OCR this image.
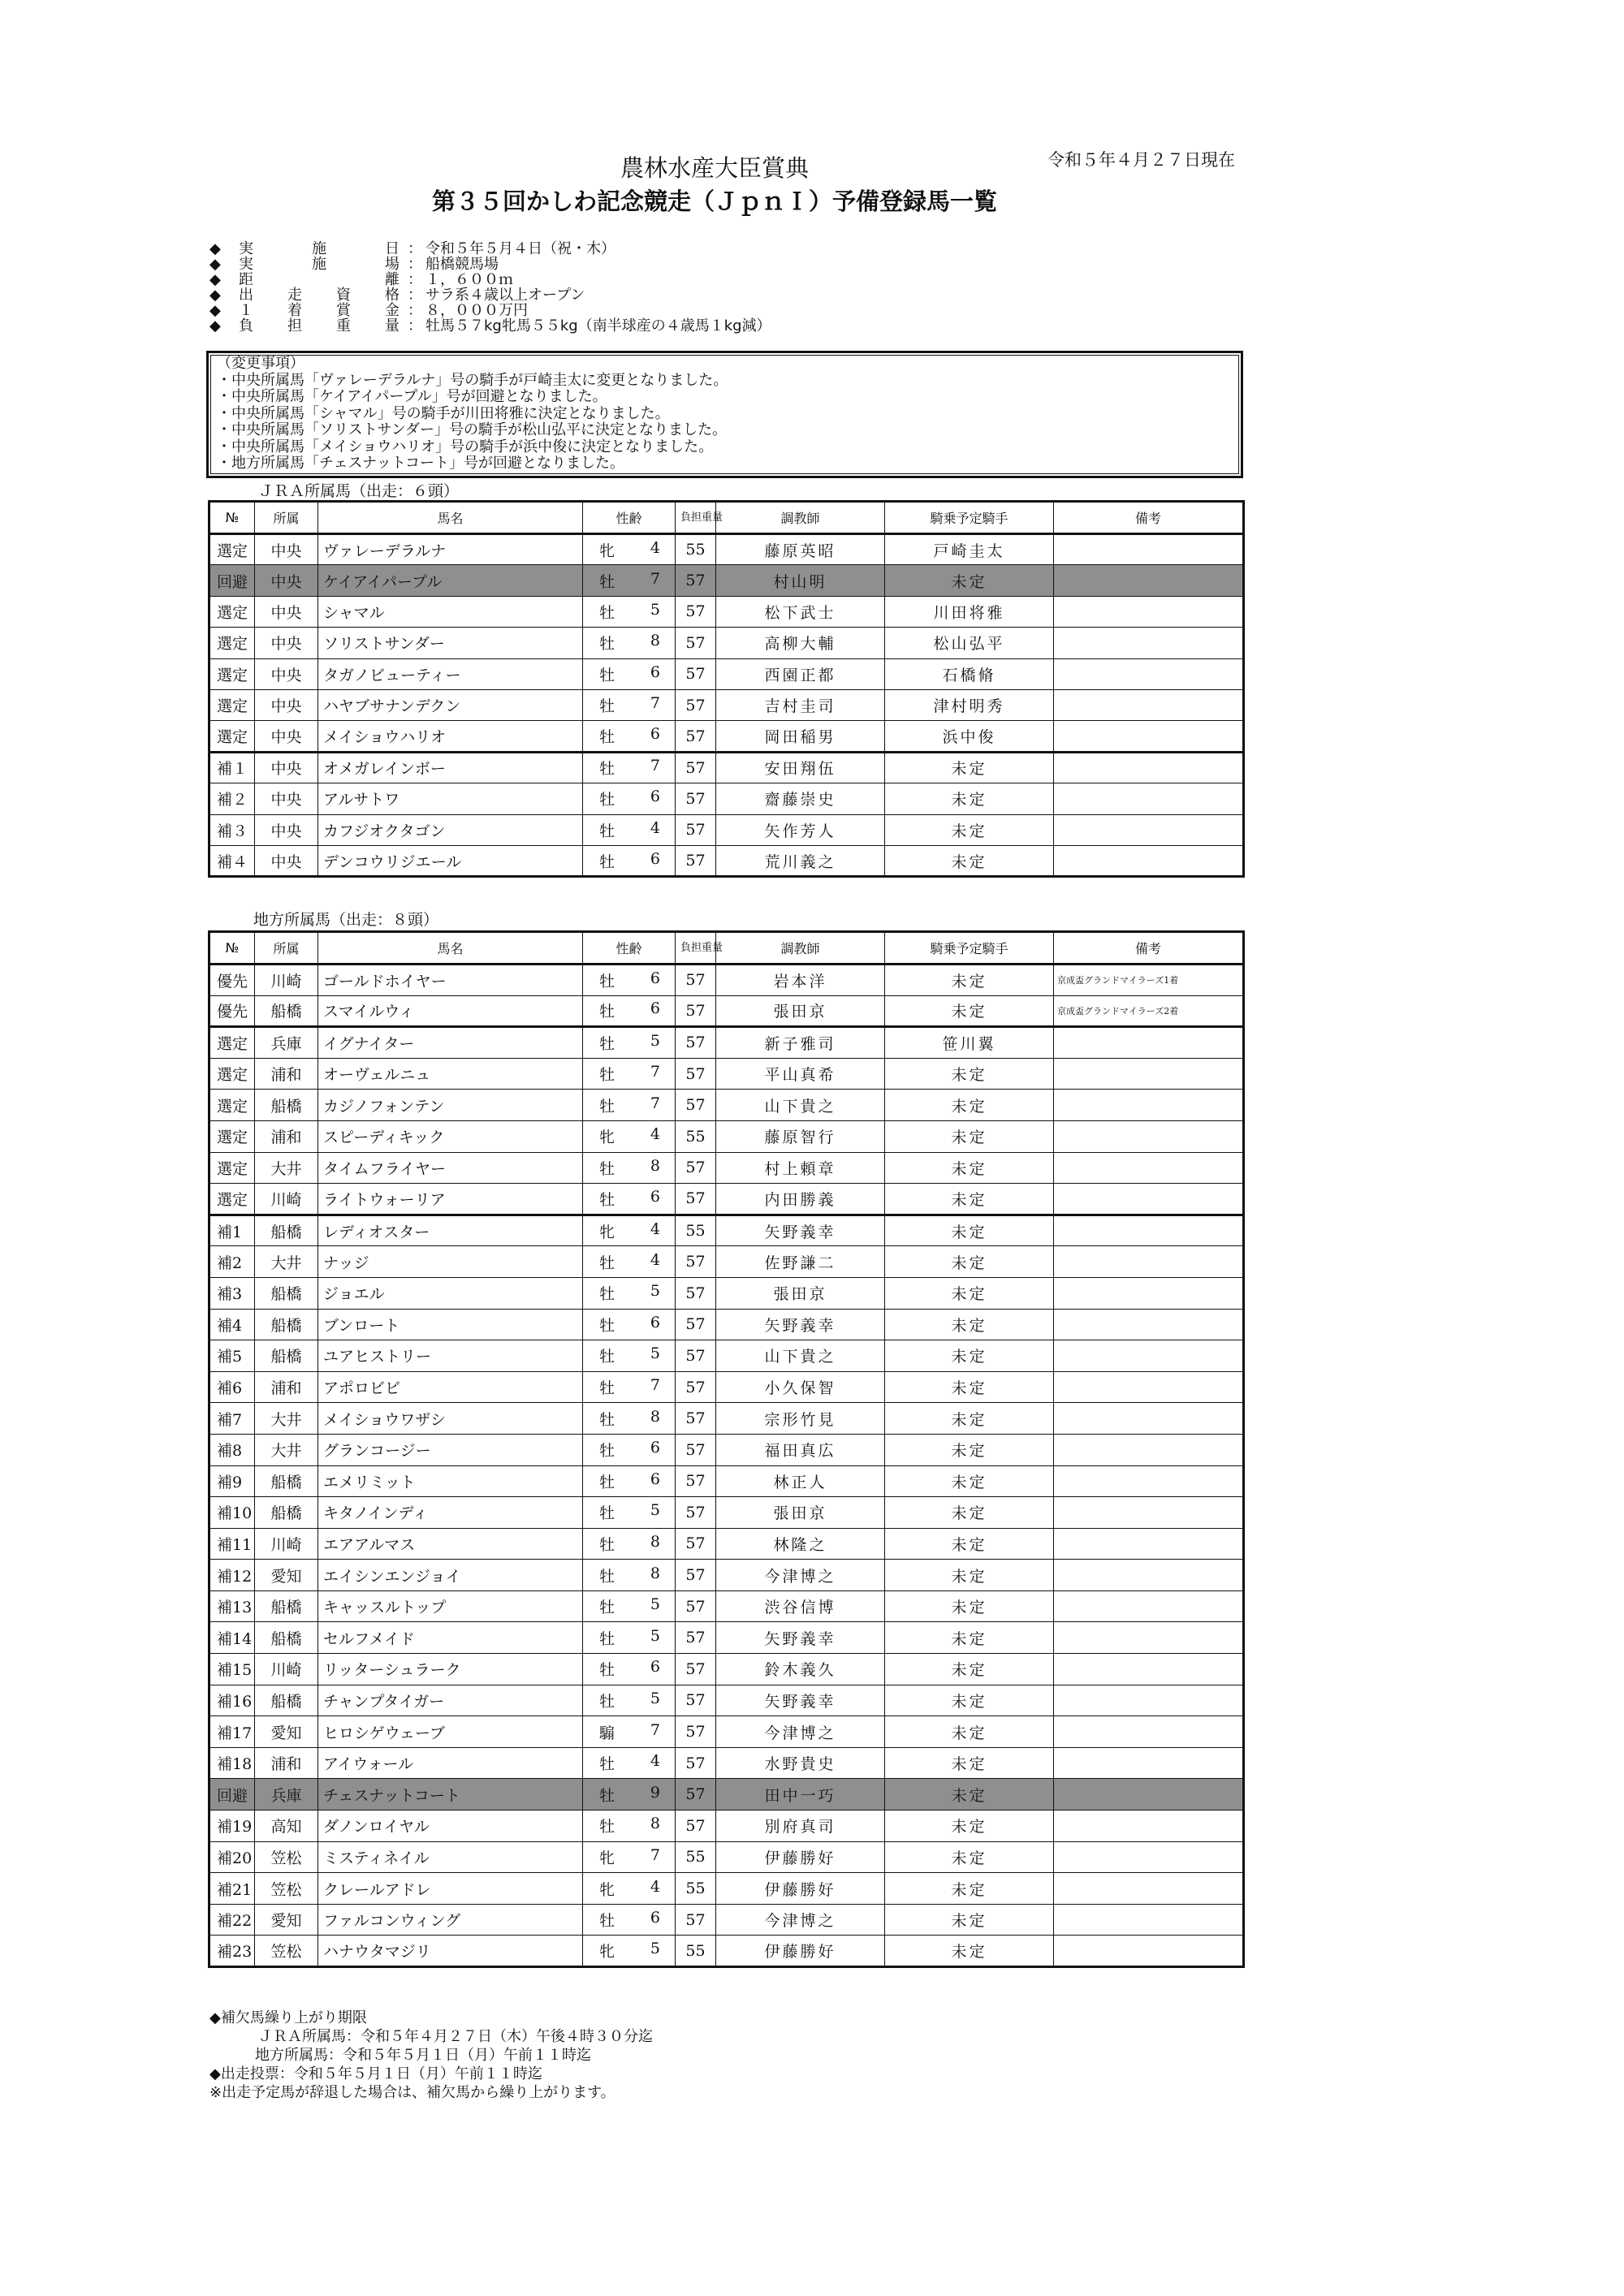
令和５年４月２７日現在
農林水産大臣賞典
第３５回かしわ記念競走（ＪｐｎＩ）予備登録馬一覧
◆	実	施	日 ： 令和５年５月４日（祝・木）
◆	実	施	場 ： 船橋競馬場
◆	距	離 ： １，６００ｍ
◆	出 走 資 格 ： サラ系４歳以上オープン
◆	１ 着 賞 金 ： ８，０００万円
◆	負 担 重 量 ： 牡馬５７kg牝馬５５kg（南半球産の４歳馬１kg減）
（変更事項）
・中央所属馬「ヴァレーデラルナ」号の騎手が戸崎圭太に変更となりました。
・中央所属馬「ケイアイパープル」号が回避となりました。
・中央所属馬「シャマル」号の騎手が川田将雅に決定となりました。
・中央所属馬「ソリストサンダー」号の騎手が松山弘平に決定となりました。
・中央所属馬「メイショウハリオ」号の騎手が浜中俊に決定となりました。
・地方所属馬「チェスナットコート」号が回避となりました。
ＪＲＡ所属馬（出走：６頭）
№	所属	馬名	性齢	負担重量	調教師	騎乗予定騎手	備考
選定	中央	ヴァレーデラルナ	牝 4	55	藤原英昭	戸崎圭太	
回避	中央	ケイアイパープル	牡 7	57	村山明	未定	
選定	中央	シャマル	牡 5	57	松下武士	川田将雅	
選定	中央	ソリストサンダー	牡 8	57	高柳大輔	松山弘平	
選定	中央	タガノビューティー	牡 6	57	西園正都	石橋脩	
選定	中央	ハヤブサナンデクン	牡 7	57	吉村圭司	津村明秀	
選定	中央	メイショウハリオ	牡 6	57	岡田稲男	浜中俊	
補１	中央	オメガレインボー	牡 7	57	安田翔伍	未定	
補２	中央	アルサトワ	牡 6	57	齋藤崇史	未定	
補３	中央	カフジオクタゴン	牡 4	57	矢作芳人	未定	
補４	中央	デンコウリジエール	牡 6	57	荒川義之	未定	
地方所属馬（出走：８頭）
№	所属	馬名	性齢	負担重量	調教師	騎乗予定騎手	備考
優先	川崎	ゴールドホイヤー	牡 6	57	岩本洋	未定	京成盃グランドマイラーズ1着
優先	船橋	スマイルウィ	牡 6	57	張田京	未定	京成盃グランドマイラーズ2着
選定	兵庫	イグナイター	牡 5	57	新子雅司	笹川翼	
選定	浦和	オーヴェルニュ	牡 7	57	平山真希	未定	
選定	船橋	カジノフォンテン	牡 7	57	山下貴之	未定	
選定	浦和	スピーディキック	牝 4	55	藤原智行	未定	
選定	大井	タイムフライヤー	牡 8	57	村上頼章	未定	
選定	川崎	ライトウォーリア	牡 6	57	内田勝義	未定	
補1	船橋	レディオスター	牝 4	55	矢野義幸	未定	
補2	大井	ナッジ	牡 4	57	佐野謙二	未定	
補3	船橋	ジョエル	牡 5	57	張田京	未定	
補4	船橋	ブンロート	牡 6	57	矢野義幸	未定	
補5	船橋	ユアヒストリー	牡 5	57	山下貴之	未定	
補6	浦和	アポロビビ	牡 7	57	小久保智	未定	
補7	大井	メイショウワザシ	牡 8	57	宗形竹見	未定	
補8	大井	グランコージー	牡 6	57	福田真広	未定	
補9	船橋	エメリミット	牡 6	57	林正人	未定	
補10	船橋	キタノインディ	牡 5	57	張田京	未定	
補11	川崎	エアアルマス	牡 8	57	林隆之	未定	
補12	愛知	エイシンエンジョイ	牡 8	57	今津博之	未定	
補13	船橋	キャッスルトップ	牡 5	57	渋谷信博	未定	
補14	船橋	セルフメイド	牡 5	57	矢野義幸	未定	
補15	川崎	リッターシュラーク	牡 6	57	鈴木義久	未定	
補16	船橋	チャンプタイガー	牡 5	57	矢野義幸	未定	
補17	愛知	ヒロシゲウェーブ	騸 7	57	今津博之	未定	
補18	浦和	アイウォール	牡 4	57	水野貴史	未定	
回避	兵庫	チェスナットコート	牡 9	57	田中一巧	未定	
補19	高知	ダノンロイヤル	牡 8	57	別府真司	未定	
補20	笠松	ミスティネイル	牝 7	55	伊藤勝好	未定	
補21	笠松	クレールアドレ	牝 4	55	伊藤勝好	未定	
補22	愛知	ファルコンウィング	牡 6	57	今津博之	未定	
補23	笠松	ハナウタマジリ	牝 5	55	伊藤勝好	未定	
◆補欠馬繰り上がり期限
ＪＲＡ所属馬：令和５年４月２７日（木）午後４時３０分迄
地方所属馬：令和５年５月１日（月）午前１１時迄
◆出走投票：令和５年５月１日（月）午前１１時迄
※出走予定馬が辞退した場合は、補欠馬から繰り上がります。
